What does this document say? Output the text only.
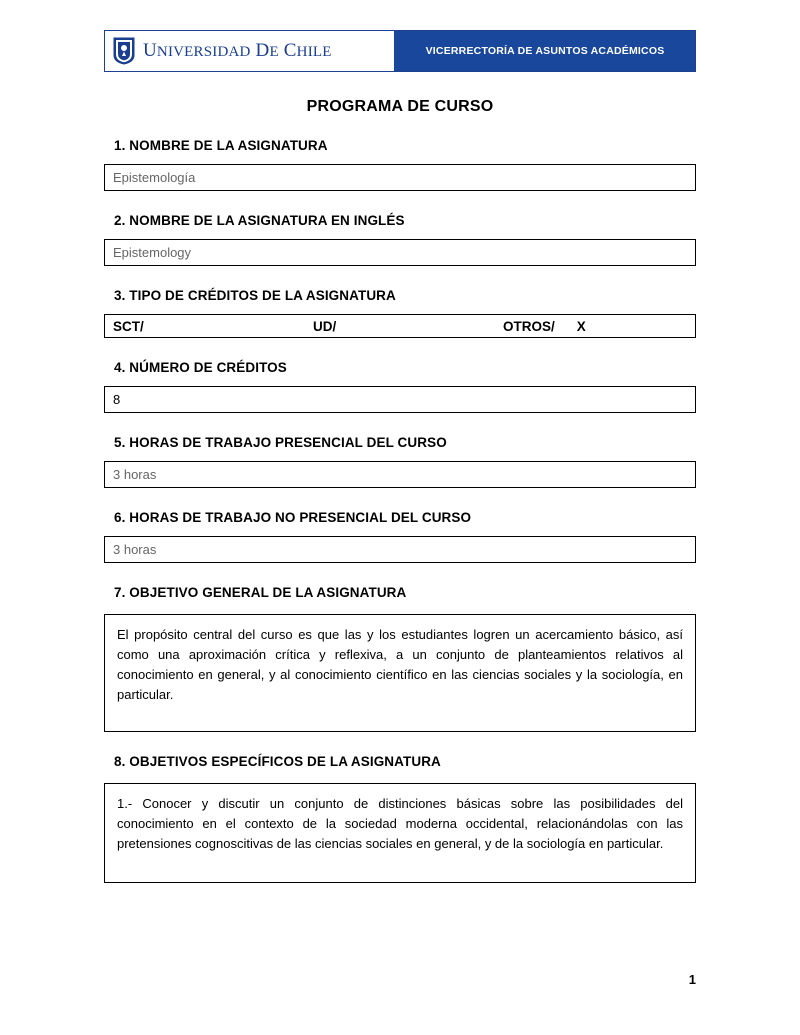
UNIVERSIDAD DE CHILE	VICERRECTORÍA DE ASUNTOS ACADÉMICOS
PROGRAMA DE CURSO
1. NOMBRE DE LA ASIGNATURA
Epistemología
2. NOMBRE DE LA ASIGNATURA EN INGLÉS
Epistemology
3. TIPO DE CRÉDITOS DE LA ASIGNATURA
SCT/	UD/	OTROS/ X
4. NÚMERO DE CRÉDITOS
8
5. HORAS DE TRABAJO PRESENCIAL DEL CURSO
3 horas
6. HORAS DE TRABAJO NO PRESENCIAL DEL CURSO
3 horas
7. OBJETIVO GENERAL DE LA ASIGNATURA
El propósito central del curso es que las y los estudiantes logren un acercamiento básico, así como una aproximación crítica y reflexiva, a un conjunto de planteamientos relativos al conocimiento en general, y al conocimiento científico en las ciencias sociales y la sociología, en particular.
8. OBJETIVOS ESPECÍFICOS DE LA ASIGNATURA
1.- Conocer y discutir un conjunto de distinciones básicas sobre las posibilidades del conocimiento en el contexto de la sociedad moderna occidental, relacionándolas con las pretensiones cognoscitivas de las ciencias sociales en general, y de la sociología en particular.
1
